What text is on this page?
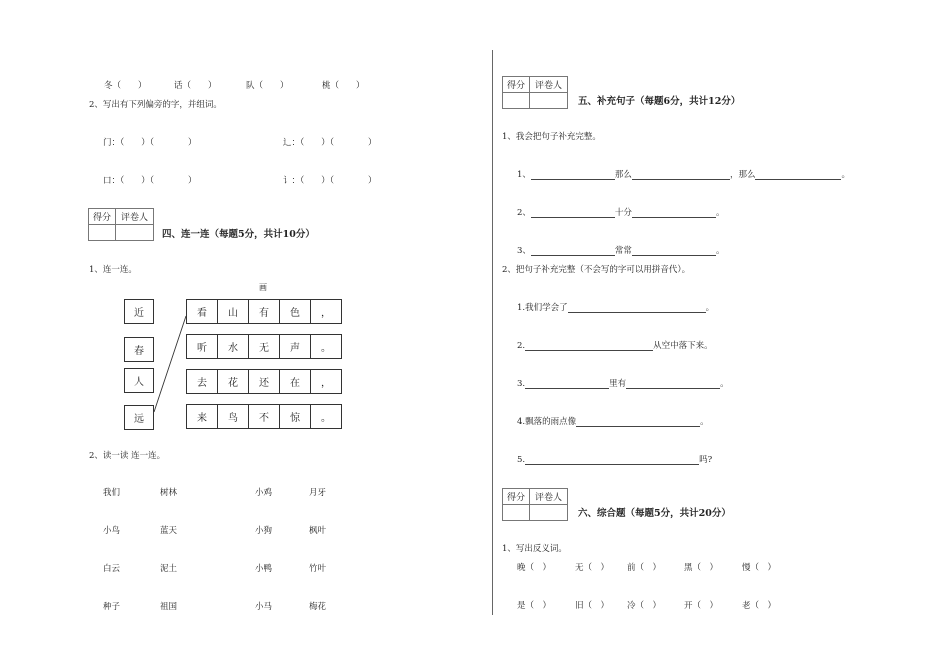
冬（　　）	话（　　）	队（　　）	桃（　　）
2、写出有下列偏旁的字，并组词。
门：（　　）（　　　　）	辶：（　　）（　　　　）
口：（　　）（　　　　）	讠：（　　）（　　　　）
得分	评卷人
四、连一连（每题5分，共计10分）
1、连一连。
画
近
春
人
远
看	山	有	色	，
听	水	无	声	。
去	花	还	在	，
来	鸟	不	惊	。
2、读一读 连一连。
我们	树林	小鸡	月牙
小鸟	蓝天	小狗	枫叶
白云	泥土	小鸭	竹叶
种子	祖国	小马	梅花
得分	评卷人
五、补充句子（每题6分，共计12分）
1、我会把句子补充完整。
1、	那么	，那么	。
2、	十分	。
3、	常常	。
2、把句子补充完整（不会写的字可以用拼音代）。
1.我们学会了	。
2.	从空中落下来。
3.	里有	。
4.飘落的雨点像	。
5.	吗?
得分	评卷人
六、综合题（每题5分，共计20分）
1、写出反义词。
晚（　）	无（　） 前（　）	黑（　）	慢（　）
是（　）	旧（　） 冷（　）	开（　）	老（　）
